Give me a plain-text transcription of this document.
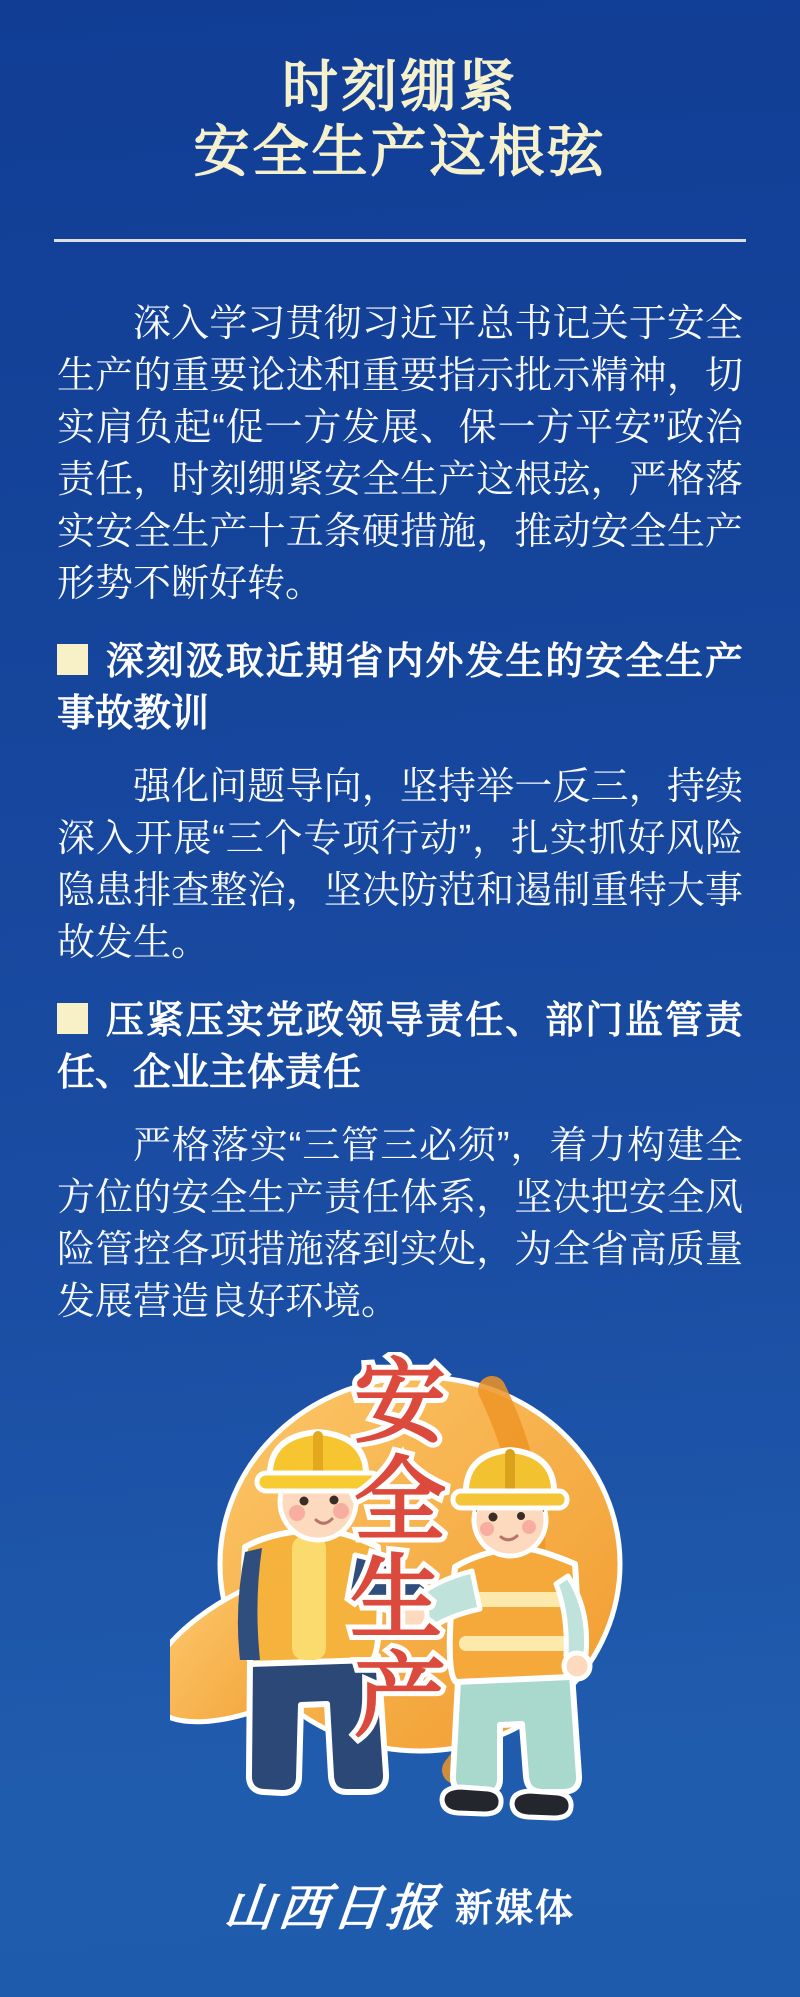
时刻绷紧
安全生产这根弦

深入学习贯彻习近平总书记关于安全生产的重要论述和重要指示批示精神，切实肩负起“促一方发展、保一方平安”政治责任，时刻绷紧安全生产这根弦，严格落实安全生产十五条硬措施，推动安全生产形势不断好转。

深刻汲取近期省内外发生的安全生产事故教训

强化问题导向，坚持举一反三，持续深入开展“三个专项行动”，扎实抓好风险隐患排查整治，坚决防范和遏制重特大事故发生。

压紧压实党政领导责任、部门监管责任、企业主体责任

严格落实“三管三必须”，着力构建全方位的安全生产责任体系，坚决把安全风险管控各项措施落到实处，为全省高质量发展营造良好环境。

安
全
生
产
山西日报 新媒体
